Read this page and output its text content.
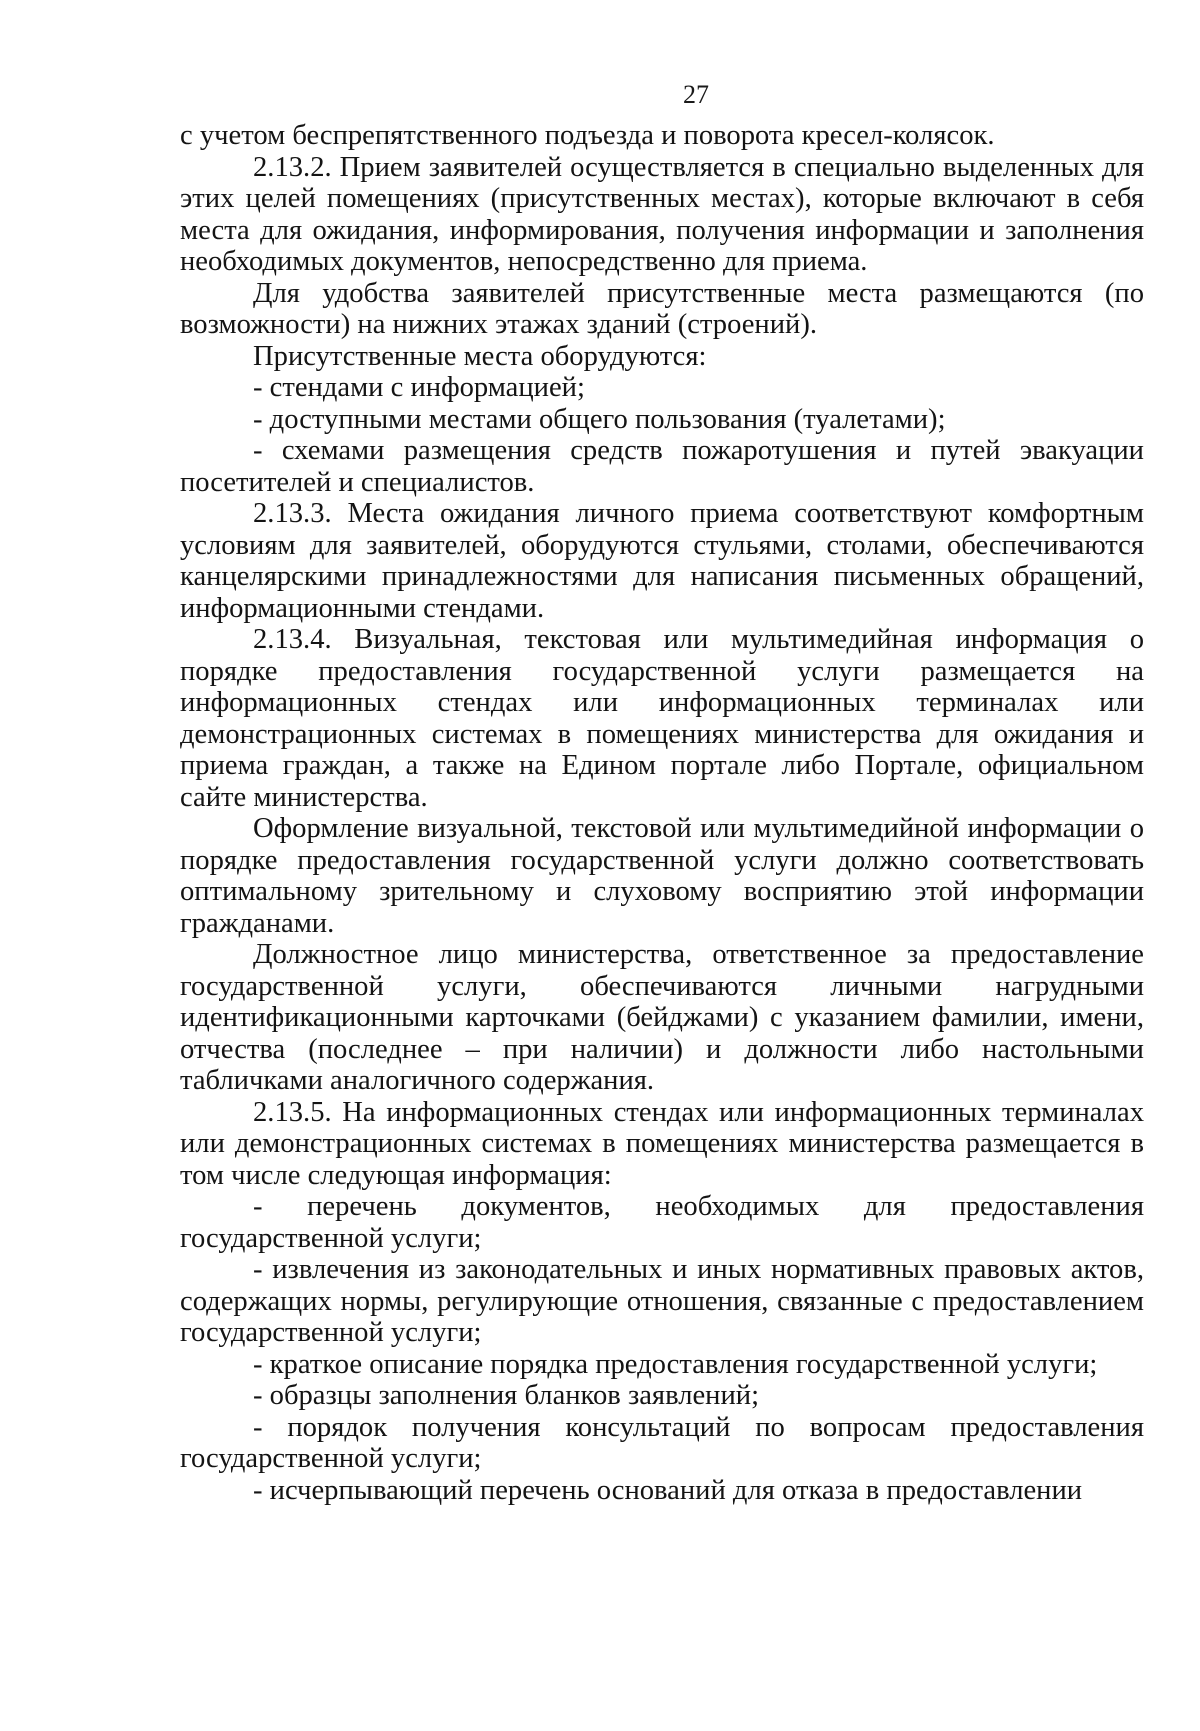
27

с учетом беспрепятственного подъезда и поворота кресел-колясок.

2.13.2. Прием заявителей осуществляется в специально выделенных для этих целей помещениях (присутственных местах), которые включают в себя места для ожидания, информирования, получения информации и заполнения необходимых документов, непосредственно для приема.

Для удобства заявителей присутственные места размещаются (по возможности) на нижних этажах зданий (строений).

Присутственные места оборудуются:

- стендами с информацией;

- доступными местами общего пользования (туалетами);

- схемами размещения средств пожаротушения и путей эвакуации посетителей и специалистов.

2.13.3. Места ожидания личного приема соответствуют комфортным условиям для заявителей, оборудуются стульями, столами, обеспечиваются канцелярскими принадлежностями для написания письменных обращений, информационными стендами.

2.13.4. Визуальная, текстовая или мультимедийная информация о порядке предоставления государственной услуги размещается на информационных стендах или информационных терминалах или демонстрационных системах в помещениях министерства для ожидания и приема граждан, а также на Едином портале либо Портале, официальном сайте министерства.

Оформление визуальной, текстовой или мультимедийной информации о порядке предоставления государственной услуги должно соответствовать оптимальному зрительному и слуховому восприятию этой информации гражданами.

Должностное лицо министерства, ответственное за предоставление государственной услуги, обеспечиваются личными нагрудными идентификационными карточками (бейджами) с указанием фамилии, имени, отчества (последнее – при наличии) и должности либо настольными табличками аналогичного содержания.

2.13.5. На информационных стендах или информационных терминалах или демонстрационных системах в помещениях министерства размещается в том числе следующая информация:

- перечень документов, необходимых для предоставления государственной услуги;

- извлечения из законодательных и иных нормативных правовых актов, содержащих нормы, регулирующие отношения, связанные с предоставлением государственной услуги;

- краткое описание порядка предоставления государственной услуги;

- образцы заполнения бланков заявлений;

- порядок получения консультаций по вопросам предоставления государственной услуги;

- исчерпывающий перечень оснований для отказа в предоставлении
